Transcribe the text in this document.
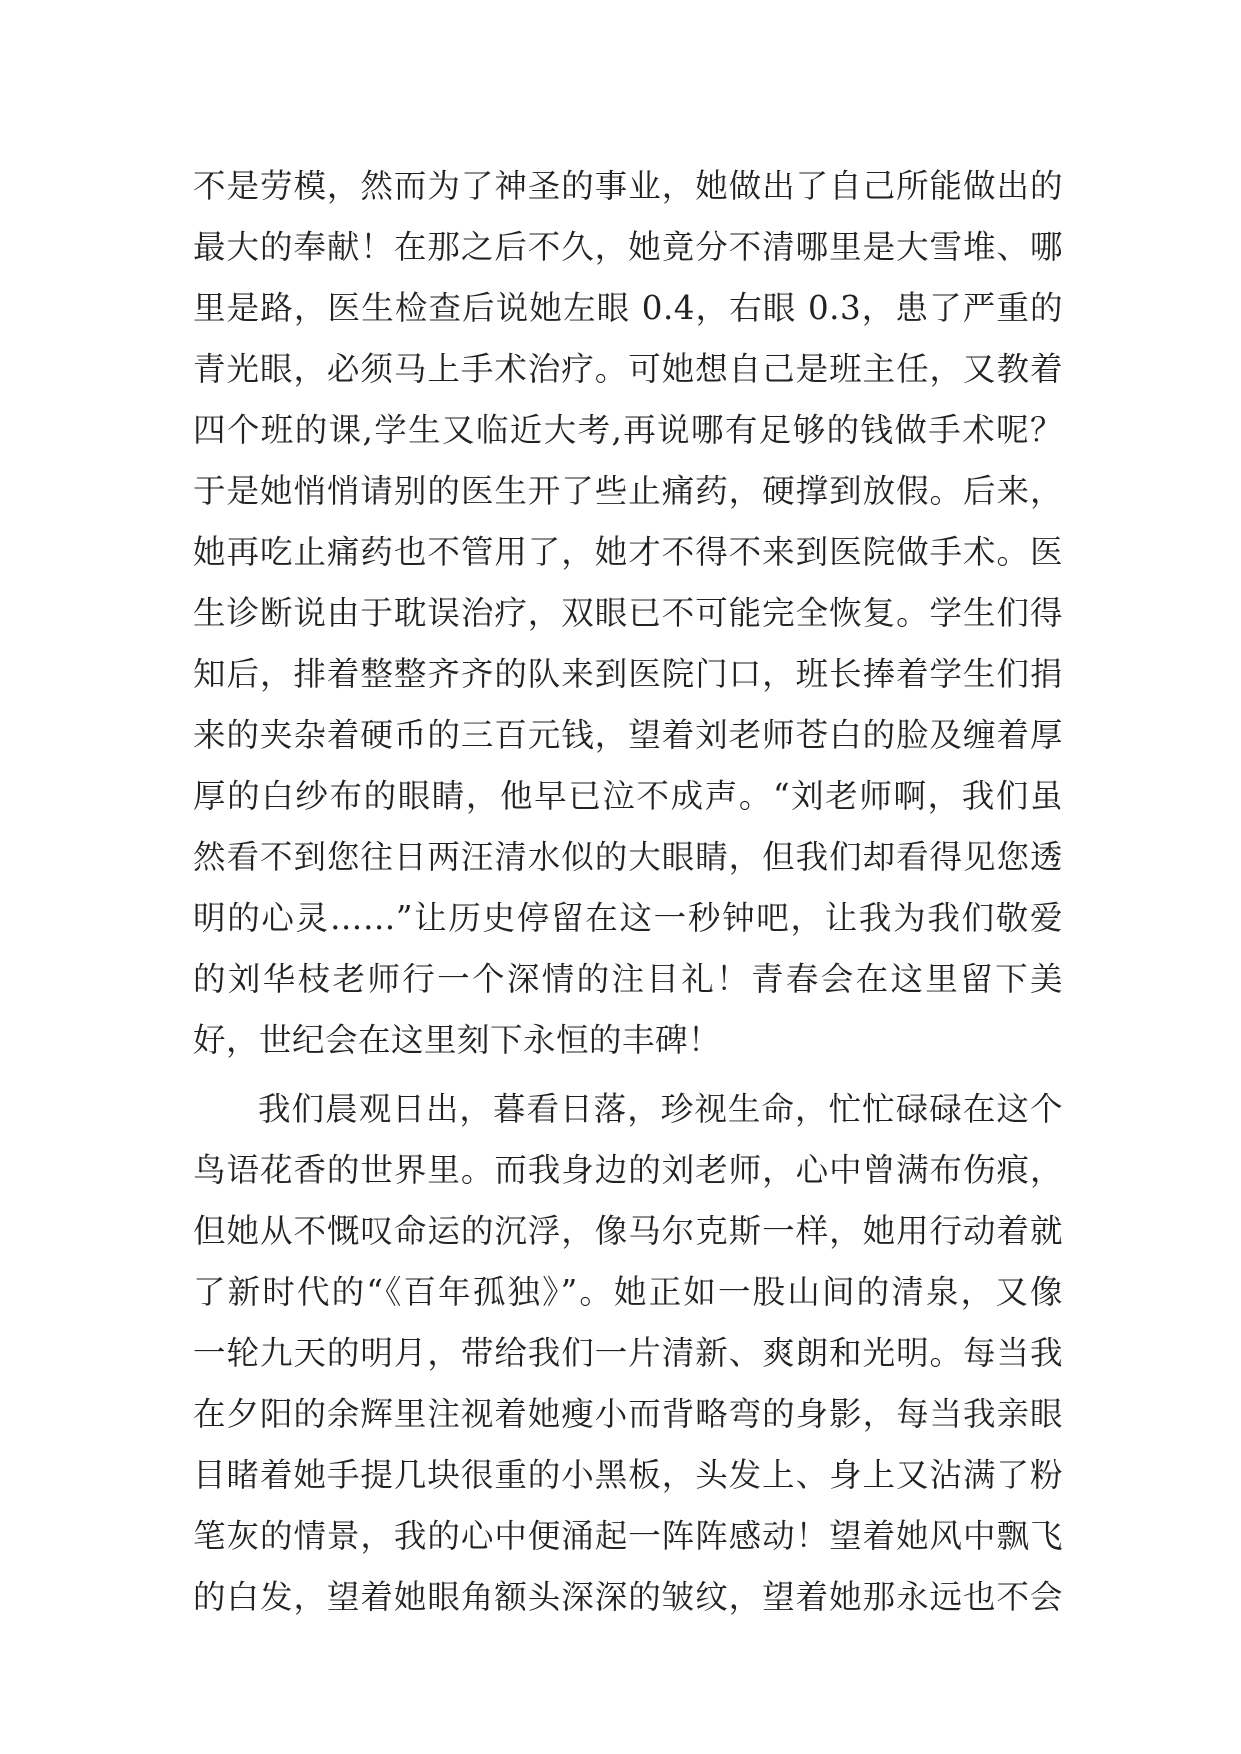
不是劳模，然而为了神圣的事业，她做出了自己所能做出的
最大的奉献！在那之后不久，她竟分不清哪里是大雪堆、哪
里是路，医生检查后说她左眼 0.4，右眼 0.3，患了严重的
青光眼，必须马上手术治疗。可她想自己是班主任，又教着
四个班的课,学生又临近大考,再说哪有足够的钱做手术呢？
于是她悄悄请别的医生开了些止痛药，硬撑到放假。后来，
她再吃止痛药也不管用了，她才不得不来到医院做手术。医
生诊断说由于耽误治疗，双眼已不可能完全恢复。学生们得
知后，排着整整齐齐的队来到医院门口，班长捧着学生们捐
来的夹杂着硬币的三百元钱，望着刘老师苍白的脸及缠着厚
厚的白纱布的眼睛，他早已泣不成声。“刘老师啊，我们虽
然看不到您往日两汪清水似的大眼睛，但我们却看得见您透
明的心灵……”让历史停留在这一秒钟吧，让我为我们敬爱
的刘华枝老师行一个深情的注目礼！青春会在这里留下美
好，世纪会在这里刻下永恒的丰碑！
我们晨观日出，暮看日落，珍视生命，忙忙碌碌在这个
鸟语花香的世界里。而我身边的刘老师，心中曾满布伤痕，
但她从不慨叹命运的沉浮，像马尔克斯一样，她用行动着就
了新时代的“《百年孤独》”。她正如一股山间的清泉，又像
一轮九天的明月，带给我们一片清新、爽朗和光明。每当我
在夕阳的余辉里注视着她瘦小而背略弯的身影，每当我亲眼
目睹着她手提几块很重的小黑板，头发上、身上又沾满了粉
笔灰的情景，我的心中便涌起一阵阵感动！望着她风中飘飞
的白发，望着她眼角额头深深的皱纹，望着她那永远也不会
